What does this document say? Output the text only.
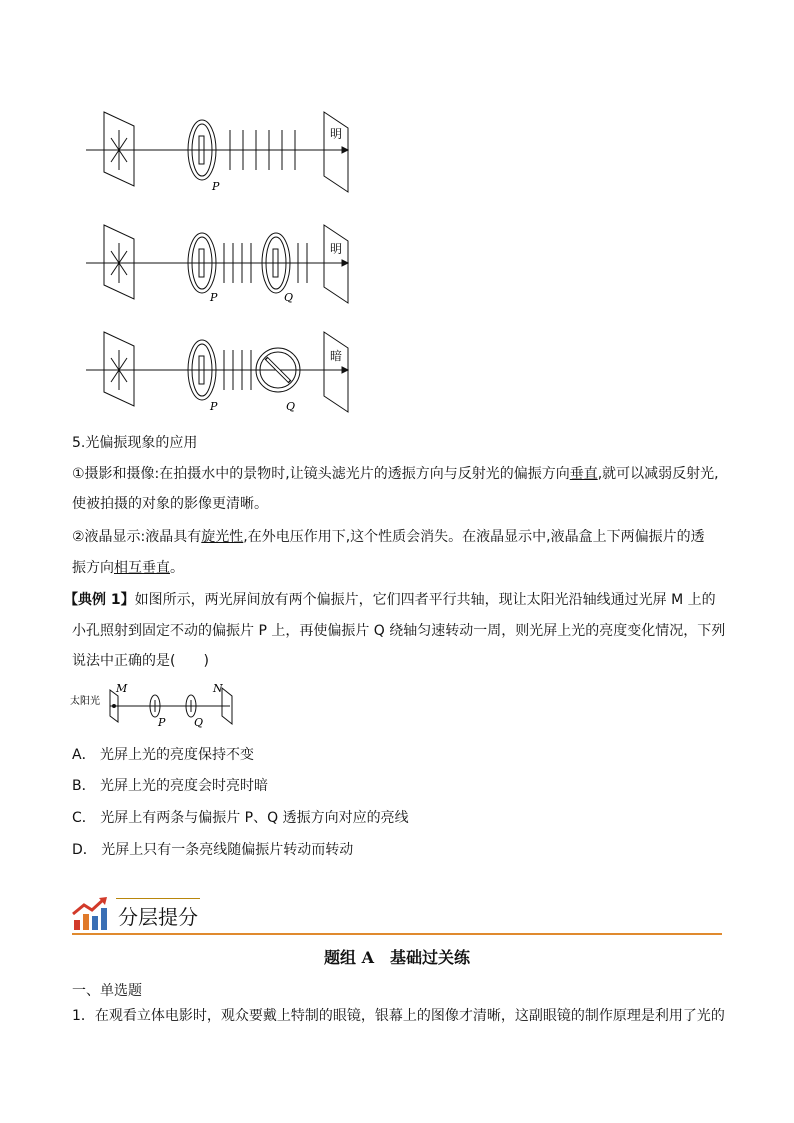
明
P
明
P	Q
暗
P	Q
5.光偏振现象的应用
①摄影和摄像:在拍摄水中的景物时,让镜头滤光片的透振方向与反射光的偏振方向垂直,就可以减弱反射光,
使被拍摄的对象的影像更清晰。
②液晶显示:液晶具有旋光性,在外电压作用下,这个性质会消失。在液晶显示中,液晶盒上下两偏振片的透
振方向相互垂直。
【典例 1】如图所示，两光屏间放有两个偏振片，它们四者平行共轴，现让太阳光沿轴线通过光屏 M 上的
小孔照射到固定不动的偏振片 P 上，再使偏振片 Q 绕轴匀速转动一周，则光屏上光的亮度变化情况，下列
说法中正确的是(　　)
太阳光
M	N
P	Q
A． 光屏上光的亮度保持不变
B． 光屏上光的亮度会时亮时暗
C． 光屏上有两条与偏振片 P、Q 透振方向对应的亮线
D． 光屏上只有一条亮线随偏振片转动而转动
分层提分
题组 A　基础过关练
一、单选题
1．在观看立体电影时，观众要戴上特制的眼镜，银幕上的图像才清晰，这副眼镜的制作原理是利用了光的
